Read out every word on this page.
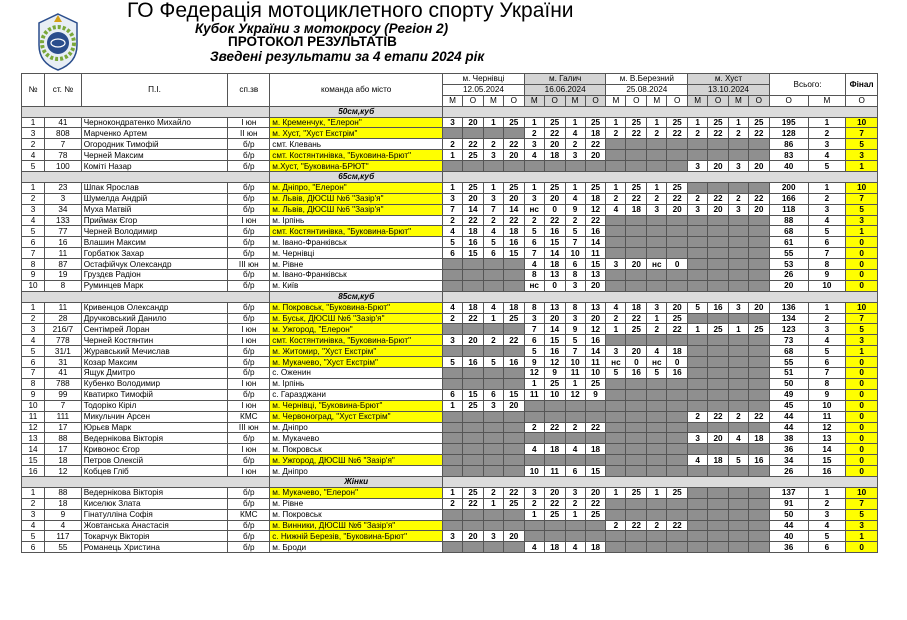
ГО Федерація мотоциклетного спорту України
Кубок України з мотокросу (Регіон 2)
ПРОТОКОЛ РЕЗУЛЬТАТІВ
Зведені результати за 4 етапи 2024 рік
№	ст. №	П.І.	сп.зв	команда або місто	м. Чернівці				м. Галич				м. В.Березний				м. Хуст				Всього:		Фінал
					12.05.2024				16.06.2024				25.08.2024				13.10.2024						
					М	О	М	О	М	О	М	О	М	О	М	О	М	О	М	О	О	М	О
				50см,куб																			
1	41	Чернокондратенко Михайло	І юн	м. Кременчук, "Елерон"	3	20	1	25	1	25	1	25	1	25	1	25	1	25	1	25	195	1	10
3	808	Марченко Артем	ІІ юн	м. Хуст, "Хуст Екстрім"					2	22	4	18	2	22	2	22	2	22	2	22	128	2	7
2	7	Огородник Тимофій	б/р	смт. Клевань	2	22	2	22	3	20	2	22									86	3	5
4	78	Черней Максим	б/р	смт. Костянтинівка, "Буковина-Брют"	1	25	3	20	4	18	3	20									83	4	3
5	100	Коміті Назар	б/р	м.Хуст, "Буковина-БРЮТ"													3	20	3	20	40	5	1
				65см,куб																			
1	23	Шпак Ярослав	б/р	м. Дніпро, "Елерон"	1	25	1	25	1	25	1	25	1	25	1	25					200	1	10
2	3	Шумелда Андрій	б/р	м. Львів, ДЮСШ №6 "Зазір'я"	3	20	3	20	3	20	4	18	2	22	2	22	2	22	2	22	166	2	7
3	34	Муха Матвій	б/р	м. Львів, ДЮСШ №6 "Зазір'я"	7	14	7	14	нс	0	9	12	4	18	3	20	3	20	3	20	118	3	5
4	133	Приймак Єгор	І юн	м. Ірпінь	2	22	2	22	2	22	2	22									88	4	3
5	77	Черней Володимир	б/р	смт. Костянтинівка, "Буковина-Брют"	4	18	4	18	5	16	5	16									68	5	1
6	16	Влашин Максим	б/р	м. Івано-Франківськ	5	16	5	16	6	15	7	14									61	6	0
7	11	Горбатюк Захар	б/р	м. Чернівці	6	15	6	15	7	14	10	11									55	7	0
8	87	Остафійчук Олександр	ІІІ юн	м. Рівне					4	18	6	15	3	20	нс	0					53	8	0
9	19	Груздєв Радіон	б/р	м. Івано-Франківськ					8	13	8	13									26	9	0
10	8	Руминцев Марк	б/р	м. Київ					нс	0	3	20									20	10	0
				85см,куб																			
1	11	Кривенцов Олександр	б/р	м. Покровськ, "Буковина-Брют"	4	18	4	18	8	13	8	13	4	18	3	20	5	16	3	20	136	1	10
2	28	Дручковський Данило	б/р	м. Буськ, ДЮСШ №6 "Зазір'я"	2	22	1	25	3	20	3	20	2	22	1	25					134	2	7
3	216/7	Сентімрей Лоран	І юн	м. Ужгород, "Елерон"					7	14	9	12	1	25	2	22	1	25	1	25	123	3	5
4	778	Черней Костянтин	І юн	смт. Костянтинівка, "Буковина-Брют"	3	20	2	22	6	15	5	16									73	4	3
5	31/1	Журавський Мечислав	б/р	м. Житомир, "Хуст Екстрім"					5	16	7	14	3	20	4	18					68	5	1
6	31	Козар Максим	б/р	м. Мукачево, "Хуст Екстрім"	5	16	5	16	9	12	10	11	нс	0	нс	0					55	6	0
7	41	Ящук Дмитро	б/р	с. Оженин					12	9	11	10	5	16	5	16					51	7	0
8	788	Кубенко Володимир	І юн	м. Ірпінь					1	25	1	25									50	8	0
9	99	Кватирко Тимофій	б/р	с. Гаразджани	6	15	6	15	11	10	12	9									49	9	0
10	7	Тодоріко Кіріл	І юн	м. Чернівці, "Буковина-Брют"	1	25	3	20													45	10	0
11	111	Микульчин Арсен	КМС	м. Червоноград, "Хуст Екстрім"													2	22	2	22	44	11	0
12	17	Юрьєв Марк	ІІІ юн	м. Дніпро					2	22	2	22									44	12	0
13	88	Ведернікова Вікторія	б/р	м. Мукачево													3	20	4	18	38	13	0
14	17	Кривонос Єгор	І юн	м. Покровськ					4	18	4	18									36	14	0
15	18	Петров Олексій	б/р	м. Ужгород, ДЮСШ №6 "Зазір'я"													4	18	5	16	34	15	0
16	12	Кобцев Гліб	І юн	м. Дніпро					10	11	6	15									26	16	0
				Жінки																			
1	88	Ведернікова Вікторія	б/р	м. Мукачево, "Елерон"	1	25	2	22	3	20	3	20	1	25	1	25					137	1	10
2	18	Киселюк Злата	б/р	м. Рівне	2	22	1	25	2	22	2	22									91	2	7
3	9	Гінатулліна Софія	КМС	м. Покровськ					1	25	1	25									50	3	5
4	4	Жовтанська Анастасія	б/р	м. Винники, ДЮСШ №6 "Зазір'я"									2	22	2	22					44	4	3
5	117	Токарчук Вікторія	б/р	с. Нижній Березів, "Буковина-Брют"	3	20	3	20													40	5	1
6	55	Романець Христина	б/р	м. Броди					4	18	4	18									36	6	0
